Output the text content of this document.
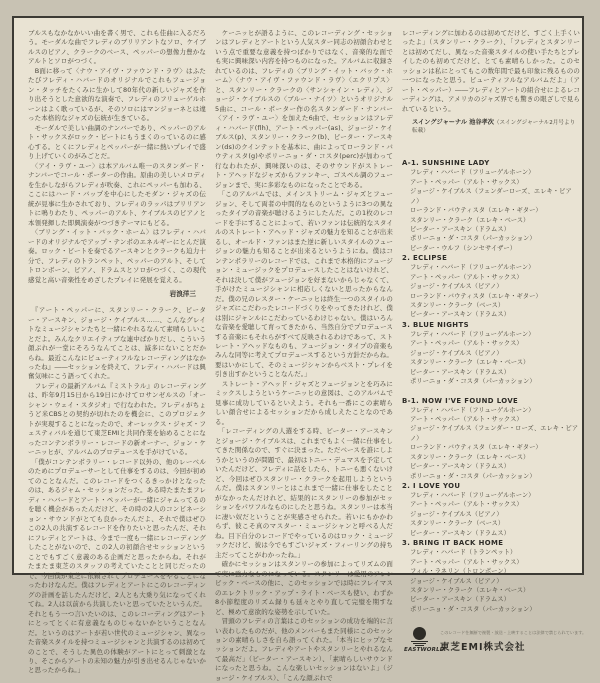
ブルスもなかなかいい曲を書く男で、これも佳曲に入るだろう。モーダルな曲でフレディのブリリアントなソロ、ケイブルスのピアノ、クラークのベース、ペッパーの想像力豊かなアルトとソロがつづく。

　B面に移って〈ナウ・アイヴ・ファウンド・ラヴ〉はふたたびフレディ・ハバードのオリジナルでこれもフュージョン・タッチをたくみに生かして80年代の新しいジャズを作り出そうとした意欲的な演奏で、フレディのフリューゲルホーンはよく歌っているが、そのソロにはマンジョーネとは違った本格的なジャズの伝統が生きている。

　モーダルで美しい曲調のナンバーであり、ペッパーのアルト・サックスがロック・ビートにもうまくのっているのに感心する。とくにフレディとペッパーが一緒に熱いプレイで盛り上げていくのがみごとだ。

　〈アイ・ラヴ・ユー〉は本アルバム唯一のスタンダード・ナンバーでコール・ポーターの作曲。原曲の美しいメロディを生かしながらフレディが吹奏、これにペッパーも加わる、ここにはハード・バップを中心にしたモダン・ジャズの伝統が見事に生かされており、フレディのラッパはブリリアントに鳴りわたり、ペッパーのアルト、ケイブルスのピアノと本領発揮した即興演奏がつづきテーマにもどる。

　〈ブリング・イット・バック・ホーム〉はフレディ・ハバードのオリジナルでアップ・テンポのエネルギーにとんだ演奏。ロック・ビートを奏でるアースキンとクラークも迫力十分で、フレディのトランペット、ペッパーのアルト、そしてトロンボーン、ピアノ、ドラムスとソロがつづく、この現代感覚と高い音楽性をめざしたプレイに発展を覚える。

岩浪洋三

　『アート・ペッパーに、スタンリー・クラーク、ピーター・アースキン、ジョージ・ケイブルス……、こんなグレイトなミュージシャンたちと一緒にやれるなんて素晴らしいことだよ。みんなクリエイティブな連中ばかりだし、こういう顔ぶれが一堂にそろうなんてことは、滅多にないことだからね。最近こんなにビューティフルなレコーディングはなかったね』――セッションを終えて、フレディ・ハバードは興奮気味にこう語ってくれた。

　フレディの最新アルバム『ミストラル』のレコーディングは、昨年9月15日から19日にかけてロサンゼルスの「オーシャン・ウェイ・スタジオ」で行なわれた。フレディがちょうど米CBSとの契約が切れたのを機会に、このプロジェクトが実現することになったので、オーレックス・ジャズ・フェスティバルを通じて東芝EMIと共同作業を始めることになったコンテンポラリー・レコードの新オーナー、ジョン・ケーニッヒが、アルバムのプロデュースを手がけている。

　「僕がコンテンポラリー・レコード以外の、他のレーベルのためにプロデューサーとして仕事をするのは、今回が初めてのことなんだ。このレコードをつくるきっかけとなったのは、あるジャム・セッションだった。ある時たまたまフレディ・ハバードとアート・ペッパーが一緒にジャムってるのを聴く機会があったんだけど、その時の2人のコンビネーション・サウンドがとても良かったんだよ、それで僕はぜひこの2人の共演するレコードを作りたいと思ったんだ、それにフレディとアートは、今まで一度も一緒にレコーディングしたことがないので、この2人の初顔合せセッションということでもすごく意義のある企画だと思ったからね。それがたまたま東芝のスタッフの考えていたことと同じだったので、今回僕が東芝に依頼されてプロデュースをやることになったわけなんだ。僕はフレディとアートにこのレコーディングの計画を話したんだけど、2人とも大乗り気になってくれてね。2人は以前から共演したいと思っていたというんだ。それともう一つ言いたいのは、このレコーディングはアートにとってとくに有意義なものじゃないかということなんだ。というのはアートが若い世代のミュージシャン、異なった音楽スタイルを持つミュージシャンと共演するのは初めてのことで、そうした異色の体験がアートにとって刺激となり、そこからアートの未知の魅力が引き出せるんじゃないかと思ったからね。」

　ケーニッヒが語るように、このレコーディング・セッションはフレディとアートという人気スター同志の初顔合わせという点で重要な意義を持つばかりではなく、音楽的な面でも実に興味深い内容を持つものになった。アルバムに収録されているのは、フレディの〈ブリング・イット・バック・ホーム〉〈ナウ・アイヴ・ファウンド・ラヴ〉〈エクリプス〉と、スタンリー・クラークの〈サンシャイン・レディ〉、ジョージ・ケイブルスの〈ブルー・ナイツ〉というオリジナル5曲に、コール・ポーター作の名スタンダード・ナンバー〈アイ・ラヴ・ユー〉を加えた6曲で、セッションはフレディ・ハバード(flh)、アート・ペッパー(as)、ジョージ・ケイブルス(p)、スタンリー・クラーク(b)、ピーター・アースキン(ds)のクインテットを基本に、曲によってローランド・バウティスタ(g)やポリーニョ・ダ・コスタ(perc)が加わって行なわれたが、興味深いのは、そのサウンドがストレート・アヘッドなジャズからファンキー、ゴスペル調のフュージョンまで、実に多彩なものになったことである。

　「このアルバムでは、メインストリーム・ジャズとフュージョン、そして両者の中間的なものというように3つの異なったタイプの音楽が聴けるようにしたんだ。この1枚のレコードを手にすることによって、若いファンは伝統的なスタイルのストレート・アヘッド・ジャズの魅力を知ることが出来るし、オールド・ファンはまた逆に新しいスタイルのフュージョンの魅力も知ることが出来るというようにね。僕はコンテンポラリーのレコードでは、これまで本格的にフュージョン・ミュージックをプロデュースしたことはないけれど、それは決して僕がフュージョンを好まないからじゃなくて、手がけたミュージシャンに相応しくないと思ったからなんだ。僕の兄のレスター・ケーニッヒは終生一つのスタイルのジャズにこだわったレコードづくりをやってきたけれど、僕は別にジャンルにこだわっているわけじゃない。僕はいろんな音楽を愛聴して育ってきたから、当然自分でプロデュースする音楽にもそれらがすべて反映されるわけであって、ストレート・アヘッドなものも、フュージョン・タイプの音楽もみんな同等に考えてプロデュースするという方針だからね。要はいかにして、そのミュージシャンからベスト・プレイを引き出すかということなんだ。」

　ストレート・アヘッド・ジャズとフュージョンとを巧みにミックスしようというケーニッヒの意図は、このアルバムで見事に成功しているといえよう。それも一番にこの素晴らしい顔合せによるセッションだから成しえたことなのである。

　「レコーディングの人選をする時、ピーター・アースキンとジョージ・ケイブルスは、これまでもよく一緒に仕事をしてきた関係なので、すぐに決まった。ただベースを誰にしようかというのが問題で、最初はトニー・デュマスを予定していたんだけど、フレディに話をしたら、トニーも悪くないけど、今回はぜひスタンリー・クラークを起用しようというんだ。僕はスタンリーとはこれまで一緒に仕事をしたことがなかったんだけれど、結果的にスタンリーの参加がセッションをパワフルなものにしたと思うね。スタンリーは本当に凄い奴だということが実感させられた。若いにもかかわらず、彼こそ真のマスター・ミュージシャンと呼べる人だね。目下自分のレコードでやっているのはロック・ミュージックだけど、彼は今でもすごいジャズ・フィーリングの持ち主だってことがわかったね。」

　確かにセッションはスタンリーの参加によってリズムの面で実に強力なものになっている。スタンリーは愛用のアレンビック・ベースの他に、このセッションでは時にフレイマスのエレクトリック・アップ・ライト・ベースも使い、わずか8小節程度のリズム録りも延々とやり直して完璧を期すなど、極めて意欲的な姿勢を示していた。

　冒頭のフレディの言葉はこのセッションの成功を端的に言い表わしたものだが、他のメンバーもまた同様にこのセッションの素晴らしさを自ら語ってくれた。「本当にヒップなセッションだよ。フレディやアートやスタンリーとやれるなんて最高だ」（ピーター・アースキン）、「素晴らしいサウンドになったと思うね。こんな楽しいセッションはないよ」（ジョージ・ケイブルス）、「こんな顔ぶれで

レコーディングに加わるのは初めてだけど、すごく上手くいったよ」（スタンリー・クラーク）、「フレディとスタンリーとは初めてだし、異なった音楽スタイルの使い手たちとプレイしたのも初めてだけど、とても素晴らしかった。このセッションは私にとってもこの数年間で最も印象に残るものの一つになったと思う。ビューティフルなアルバムだよ」（アート・ペッパー）――フレディとアートの組合せによるレコーディングは、アメリカのジャズ界でも驚きの眼ざしで見られているという。

スイングジャーナル 池谷孝次（スイングジャーナル2月号より転載）

A-1. SUNSHINE LADY

フレディ・ハバード（フリューゲルホーン）

アート・ペッパー（アルト・サックス）

ジョージ・ケイブルス（フェンダーローズ、エレキ・ピアノ）

ローランド・バウティスタ（エレキ・ギター）

スタンリー・クラーク（エレキ・ベース）

ピーター・アースキン（ドラムス）

ポリーニョ・ダ・コスタ（パーカッション）

ピーター・ウルフ（シンセサイザー）

2. ECLIPSE

フレディ・ハバード（フリューゲルホーン）

アート・ペッパー（アルト・サックス）

ジョージ・ケイブルス（ピアノ）

ローランド・バウティスタ（エレキ・ギター）

スタンリー・クラーク（ベース）

ピーター・アースキン（ドラムス）

3. BLUE NIGHTS

フレディ・ハバード（フリューゲルホーン）

アート・ペッパー（アルト・サックス）

ジョージ・ケイブルス（ピアノ）

スタンリー・クラーク（エレキ・ベース）

ピーター・アースキン（ドラムス）

ポリーニョ・ダ・コスタ（パーカッション）

B-1. NOW I'VE FOUND LOVE

フレディ・ハバード（フリューゲルホーン）

アート・ペッパー（アルト・サックス）

ジョージ・ケイブルス（フェンダー・ローズ、エレキ・ピアノ）

ローランド・バウティスタ（エレキ・ギター）

スタンリー・クラーク（エレキ・ベース）

ピーター・アースキン（ドラムス）

ポリーニョ・ダ・コスタ（パーカッション）

2. I LOVE YOU

フレディ・ハバード（フリューゲルホーン）

アート・ペッパー（アルト・サックス）

ジョージ・ケイブルス（ピアノ）

スタンリー・クラーク（ベース）

ピーター・アースキン（ドラムス）

3. BRING IT BACK HOME

フレディ・ハバード（トランペット）

アート・ペッパー（アルト・サックス）

フィル・ラネリン（トロンボーン）

ジョージ・ケイブルス（ピアノ）

スタンリー・クラーク（エレキ・ベース）

ピーター・アースキン（ドラムス）

ポリーニョ・ダ・コスタ（パーカッション）

EASTWORLD
このレコードを無断で複製・放送・上映することは法律で禁じられています。
東芝EMI株式会社
